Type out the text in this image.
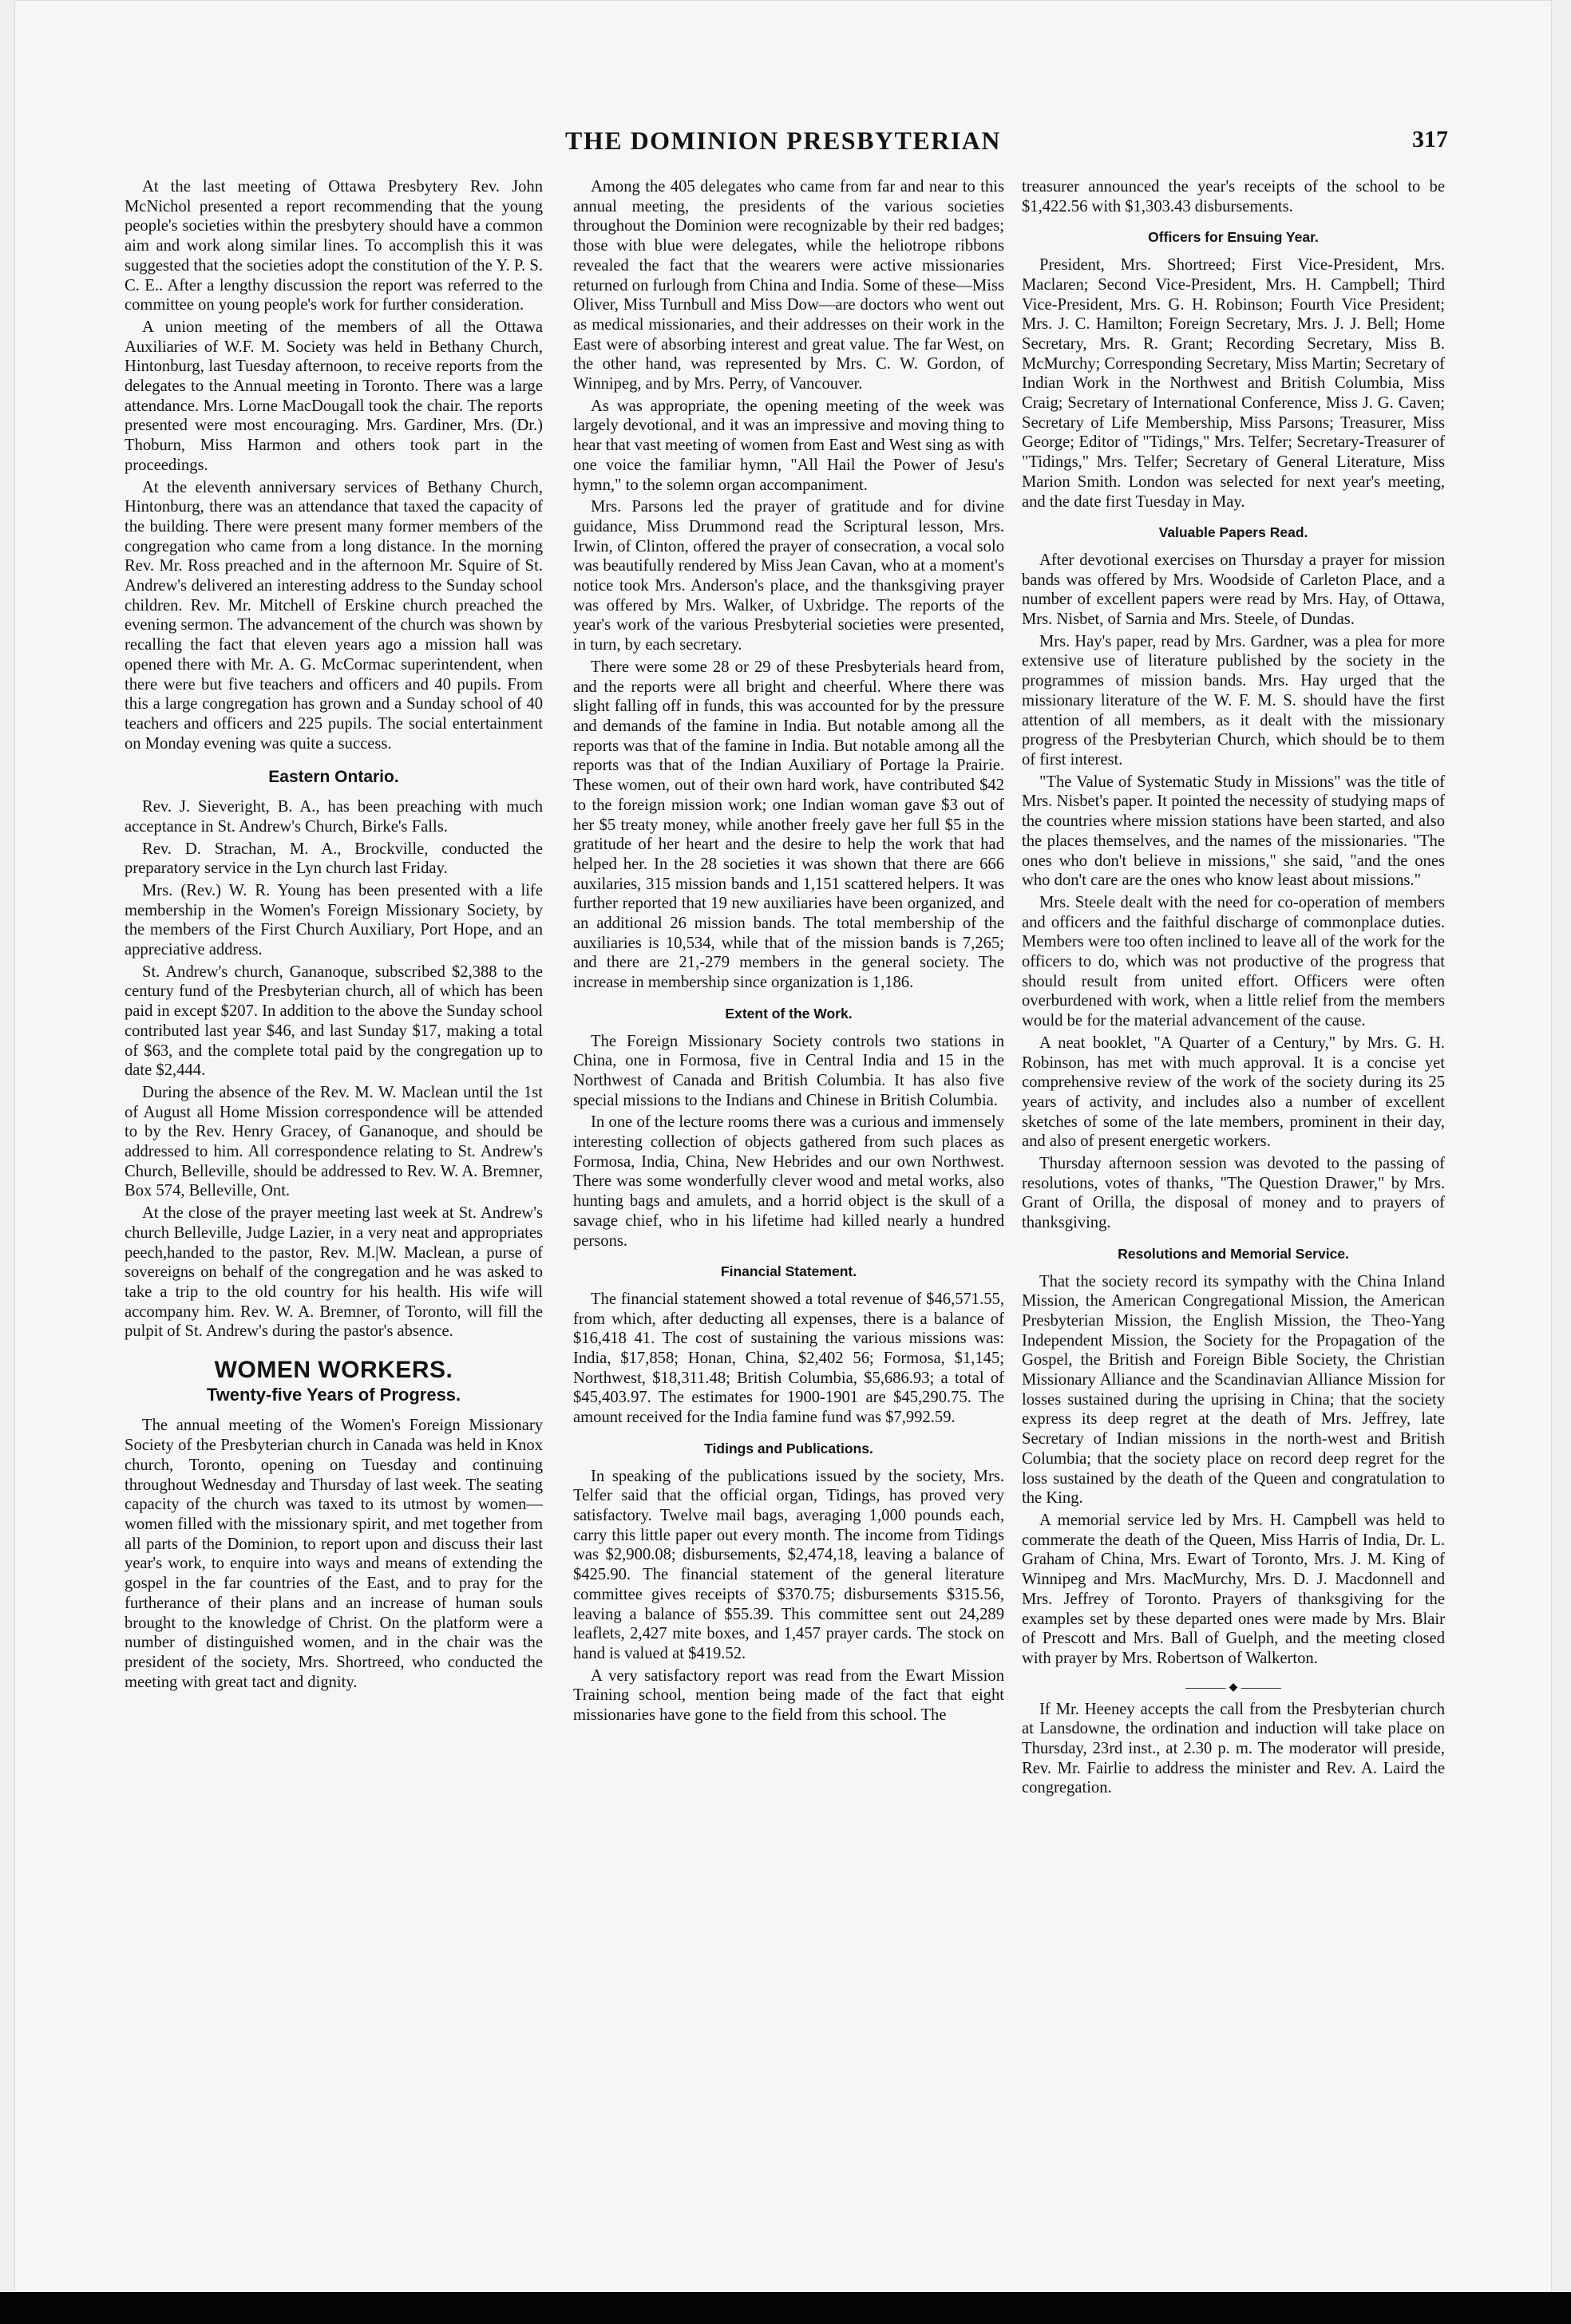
THE DOMINION PRESBYTERIAN	317

At the last meeting of Ottawa Presbytery Rev. John McNichol presented a report recommending that the young people's societies within the presbytery should have a common aim and work along similar lines. To accomplish this it was suggested that the societies adopt the constitution of the Y. P. S. C. E.. After a lengthy discussion the report was referred to the committee on young people's work for further consideration.

A union meeting of the members of all the Ottawa Auxiliaries of W.F. M. Society was held in Bethany Church, Hintonburg, last Tuesday afternoon, to receive reports from the delegates to the Annual meeting in Toronto. There was a large attendance. Mrs. Lorne MacDougall took the chair. The reports presented were most encouraging. Mrs. Gardiner, Mrs. (Dr.) Thoburn, Miss Harmon and others took part in the proceedings.

At the eleventh anniversary services of Bethany Church, Hintonburg, there was an attendance that taxed the capacity of the building. There were present many former members of the congregation who came from a long distance. In the morning Rev. Mr. Ross preached and in the afternoon Mr. Squire of St. Andrew's delivered an interesting address to the Sunday school children. Rev. Mr. Mitchell of Erskine church preached the evening sermon. The advancement of the church was shown by recalling the fact that eleven years ago a mission hall was opened there with Mr. A. G. McCormac superintendent, when there were but five teachers and officers and 40 pupils. From this a large congregation has grown and a Sunday school of 40 teachers and officers and 225 pupils. The social entertainment on Monday evening was quite a success.

Eastern Ontario.

Rev. J. Sieveright, B. A., has been preaching with much acceptance in St. Andrew's Church, Birke's Falls.

Rev. D. Strachan, M. A., Brockville, conducted the preparatory service in the Lyn church last Friday.

Mrs. (Rev.) W. R. Young has been presented with a life membership in the Women's Foreign Missionary Society, by the members of the First Church Auxiliary, Port Hope, and an appreciative address.

St. Andrew's church, Gananoque, subscribed $2,388 to the century fund of the Presbyterian church, all of which has been paid in except $207. In addition to the above the Sunday school contributed last year $46, and last Sunday $17, making a total of $63, and the complete total paid by the congregation up to date $2,444.

During the absence of the Rev. M. W. Maclean until the 1st of August all Home Mission correspondence will be attended to by the Rev. Henry Gracey, of Gananoque, and should be addressed to him. All correspondence relating to St. Andrew's Church, Belleville, should be addressed to Rev. W. A. Bremner, Box 574, Belleville, Ont.

At the close of the prayer meeting last week at St. Andrew's church Belleville, Judge Lazier, in a very neat and appropriates peech,handed to the pastor, Rev. M.|W. Maclean, a purse of sovereigns on behalf of the congregation and he was asked to take a trip to the old country for his health. His wife will accompany him. Rev. W. A. Bremner, of Toronto, will fill the pulpit of St. Andrew's during the pastor's absence.

WOMEN WORKERS.
Twenty-five Years of Progress.

The annual meeting of the Women's Foreign Missionary Society of the Presbyterian church in Canada was held in Knox church, Toronto, opening on Tuesday and continuing throughout Wednesday and Thursday of last week. The seating capacity of the church was taxed to its utmost by women—women filled with the missionary spirit, and met together from all parts of the Dominion, to report upon and discuss their last year's work, to enquire into ways and means of extending the gospel in the far countries of the East, and to pray for the furtherance of their plans and an increase of human souls brought to the knowledge of Christ. On the platform were a number of distinguished women, and in the chair was the president of the society, Mrs. Shortreed, who conducted the meeting with great tact and dignity.

Among the 405 delegates who came from far and near to this annual meeting, the presidents of the various societies throughout the Dominion were recognizable by their red badges; those with blue were delegates, while the heliotrope ribbons revealed the fact that the wearers were active missionaries returned on furlough from China and India. Some of these—Miss Oliver, Miss Turnbull and Miss Dow—are doctors who went out as medical missionaries, and their addresses on their work in the East were of absorbing interest and great value. The far West, on the other hand, was represented by Mrs. C. W. Gordon, of Winnipeg, and by Mrs. Perry, of Vancouver.

As was appropriate, the opening meeting of the week was largely devotional, and it was an impressive and moving thing to hear that vast meeting of women from East and West sing as with one voice the familiar hymn, "All Hail the Power of Jesu's hymn," to the solemn organ accompaniment.

Mrs. Parsons led the prayer of gratitude and for divine guidance, Miss Drummond read the Scriptural lesson, Mrs. Irwin, of Clinton, offered the prayer of consecration, a vocal solo was beautifully rendered by Miss Jean Cavan, who at a moment's notice took Mrs. Anderson's place, and the thanksgiving prayer was offered by Mrs. Walker, of Uxbridge. The reports of the year's work of the various Presbyterial societies were presented, in turn, by each secretary.

There were some 28 or 29 of these Presbyterials heard from, and the reports were all bright and cheerful. Where there was slight falling off in funds, this was accounted for by the pressure and demands of the famine in India. But notable among all the reports was that of the famine in India. But notable among all the reports was that of the Indian Auxiliary of Portage la Prairie. These women, out of their own hard work, have contributed $42 to the foreign mission work; one Indian woman gave $3 out of her $5 treaty money, while another freely gave her full $5 in the gratitude of her heart and the desire to help the work that had helped her. In the 28 societies it was shown that there are 666 auxilaries, 315 mission bands and 1,151 scattered helpers. It was further reported that 19 new auxiliaries have been organized, and an additional 26 mission bands. The total membership of the auxiliaries is 10,534, while that of the mission bands is 7,265; and there are 21,-279 members in the general society. The increase in membership since organization is 1,186.

Extent of the Work.

The Foreign Missionary Society controls two stations in China, one in Formosa, five in Central India and 15 in the Northwest of Canada and British Columbia. It has also five special missions to the Indians and Chinese in British Columbia.

In one of the lecture rooms there was a curious and immensely interesting collection of objects gathered from such places as Formosa, India, China, New Hebrides and our own Northwest. There was some wonderfully clever wood and metal works, also hunting bags and amulets, and a horrid object is the skull of a savage chief, who in his lifetime had killed nearly a hundred persons.

Financial Statement.

The financial statement showed a total revenue of $46,571.55, from which, after deducting all expenses, there is a balance of $16,418 41. The cost of sustaining the various missions was: India, $17,858; Honan, China, $2,402 56; Formosa, $1,145; Northwest, $18,311.48; British Columbia, $5,686.93; a total of $45,403.97. The estimates for 1900-1901 are $45,290.75. The amount received for the India famine fund was $7,992.59.

Tidings and Publications.

In speaking of the publications issued by the society, Mrs. Telfer said that the official organ, Tidings, has proved very satisfactory. Twelve mail bags, averaging 1,000 pounds each, carry this little paper out every month. The income from Tidings was $2,900.08; disbursements, $2,474,18, leaving a balance of $425.90. The financial statement of the general literature committee gives receipts of $370.75; disbursements $315.56, leaving a balance of $55.39. This committee sent out 24,289 leaflets, 2,427 mite boxes, and 1,457 prayer cards. The stock on hand is valued at $419.52.

A very satisfactory report was read from the Ewart Mission Training school, mention being made of the fact that eight missionaries have gone to the field from this school. The

treasurer announced the year's receipts of the school to be $1,422.56 with $1,303.43 disbursements.

Officers for Ensuing Year.

President, Mrs. Shortreed; First Vice-President, Mrs. Maclaren; Second Vice-President, Mrs. H. Campbell; Third Vice-President, Mrs. G. H. Robinson; Fourth Vice President; Mrs. J. C. Hamilton; Foreign Secretary, Mrs. J. J. Bell; Home Secretary, Mrs. R. Grant; Recording Secretary, Miss B. McMurchy; Corresponding Secretary, Miss Martin; Secretary of Indian Work in the Northwest and British Columbia, Miss Craig; Secretary of International Conference, Miss J. G. Caven; Secretary of Life Membership, Miss Parsons; Treasurer, Miss George; Editor of "Tidings," Mrs. Telfer; Secretary-Treasurer of "Tidings," Mrs. Telfer; Secretary of General Literature, Miss Marion Smith. London was selected for next year's meeting, and the date first Tuesday in May.

Valuable Papers Read.

After devotional exercises on Thursday a prayer for mission bands was offered by Mrs. Woodside of Carleton Place, and a number of excellent papers were read by Mrs. Hay, of Ottawa, Mrs. Nisbet, of Sarnia and Mrs. Steele, of Dundas.

Mrs. Hay's paper, read by Mrs. Gardner, was a plea for more extensive use of literature published by the society in the programmes of mission bands. Mrs. Hay urged that the missionary literature of the W. F. M. S. should have the first attention of all members, as it dealt with the missionary progress of the Presbyterian Church, which should be to them of first interest.

"The Value of Systematic Study in Missions" was the title of Mrs. Nisbet's paper. It pointed the necessity of studying maps of the countries where mission stations have been started, and also the places themselves, and the names of the missionaries. "The ones who don't believe in missions," she said, "and the ones who don't care are the ones who know least about missions."

Mrs. Steele dealt with the need for co-operation of members and officers and the faithful discharge of commonplace duties. Members were too often inclined to leave all of the work for the officers to do, which was not productive of the progress that should result from united effort. Officers were often overburdened with work, when a little relief from the members would be for the material advancement of the cause.

A neat booklet, "A Quarter of a Century," by Mrs. G. H. Robinson, has met with much approval. It is a concise yet comprehensive review of the work of the society during its 25 years of activity, and includes also a number of excellent sketches of some of the late members, prominent in their day, and also of present energetic workers.

Thursday afternoon session was devoted to the passing of resolutions, votes of thanks, "The Question Drawer," by Mrs. Grant of Orilla, the disposal of money and to prayers of thanksgiving.

Resolutions and Memorial Service.

That the society record its sympathy with the China Inland Mission, the American Congregational Mission, the American Presbyterian Mission, the English Mission, the Theo-Yang Independent Mission, the Society for the Propagation of the Gospel, the British and Foreign Bible Society, the Christian Missionary Alliance and the Scandinavian Alliance Mission for losses sustained during the uprising in China; that the society express its deep regret at the death of Mrs. Jeffrey, late Secretary of Indian missions in the north-west and British Columbia; that the society place on record deep regret for the loss sustained by the death of the Queen and congratulation to the King.

A memorial service led by Mrs. H. Campbell was held to commerate the death of the Queen, Miss Harris of India, Dr. L. Graham of China, Mrs. Ewart of Toronto, Mrs. J. M. King of Winnipeg and Mrs. MacMurchy, Mrs. D. J. Macdonnell and Mrs. Jeffrey of Toronto. Prayers of thanksgiving for the examples set by these departed ones were made by Mrs. Blair of Prescott and Mrs. Ball of Guelph, and the meeting closed with prayer by Mrs. Robertson of Walkerton.

◆

If Mr. Heeney accepts the call from the Presbyterian church at Lansdowne, the ordination and induction will take place on Thursday, 23rd inst., at 2.30 p. m. The moderator will preside, Rev. Mr. Fairlie to address the minister and Rev. A. Laird the congregation.
